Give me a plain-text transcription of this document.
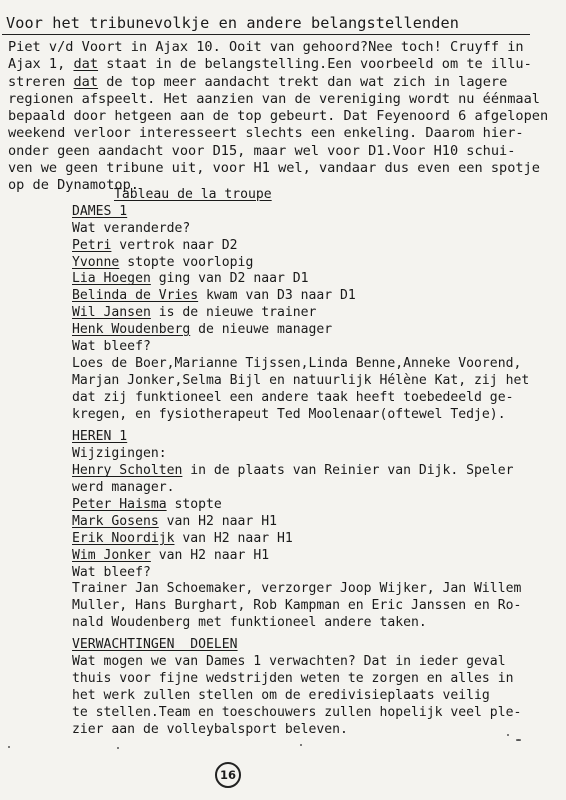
Voor het tribunevolkje en andere belangstellenden
Piet v/d Voort in Ajax 10. Ooit van gehoord?Nee toch! Cruyff in
Ajax 1, dat staat in de belangstelling.Een voorbeeld om te illu-
streren dat de top meer aandacht trekt dan wat zich in lagere
regionen afspeelt. Het aanzien van de vereniging wordt nu éénmaal
bepaald door hetgeen aan de top gebeurt. Dat Feyenoord 6 afgelopen
weekend verloor interesseert slechts een enkeling. Daarom hier-
onder geen aandacht voor D15, maar wel voor D1.Voor H10 schui-
ven we geen tribune uit, voor H1 wel, vandaar dus even een spotje
op de Dynamotop.
Tableau de la troupe
DAMES 1
Wat veranderde?
Petri vertrok naar D2
Yvonne stopte voorlopig
Lia Hoegen ging van D2 naar D1
Belinda de Vries kwam van D3 naar D1
Wil Jansen is de nieuwe trainer
Henk Woudenberg de nieuwe manager
Wat bleef?
Loes de Boer,Marianne Tijssen,Linda Benne,Anneke Voorend,
Marjan Jonker,Selma Bijl en natuurlijk Hélène Kat, zij het
dat zij funktioneel een andere taak heeft toebedeeld ge-
kregen, en fysiotherapeut Ted Moolenaar(oftewel Tedje).
HEREN 1
Wijzigingen:
Henry Scholten in de plaats van Reinier van Dijk. Speler
werd manager.
Peter Haisma stopte
Mark Gosens van H2 naar H1
Erik Noordijk van H2 naar H1
Wim Jonker van H2 naar H1
Wat bleef?
Trainer Jan Schoemaker, verzorger Joop Wijker, Jan Willem
Muller, Hans Burghart, Rob Kampman en Eric Janssen en Ro-
nald Woudenberg met funktioneel andere taken.
VERWACHTINGEN  DOELEN
Wat mogen we van Dames 1 verwachten? Dat in ieder geval
thuis voor fijne wedstrijden weten te zorgen en alles in
het werk zullen stellen om de eredivisieplaats veilig
te stellen.Team en toeschouwers zullen hopelijk veel ple-
zier aan de volleybalsport beleven.
16
